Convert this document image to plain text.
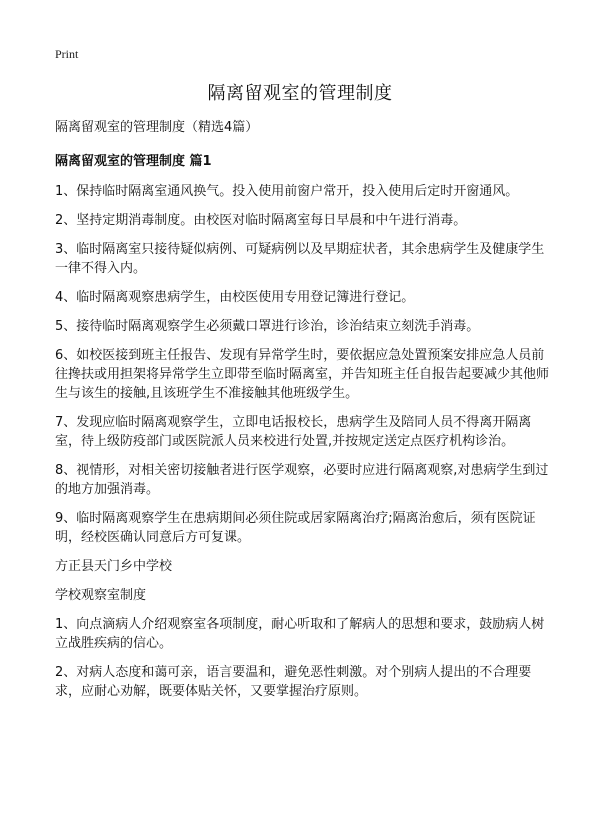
Print
隔离留观室的管理制度

隔离留观室的管理制度（精选4篇）

隔离留观室的管理制度 篇1

1、保持临时隔离室通风换气。投入使用前窗户常开，投入使用后定时开窗通风。

2、坚持定期消毒制度。由校医对临时隔离室每日早晨和中午进行消毒。

3、临时隔离室只接待疑似病例、可疑病例以及早期症状者，其余患病学生及健康学生一律不得入内。

4、临时隔离观察患病学生，由校医使用专用登记簿进行登记。

5、接待临时隔离观察学生必须戴口罩进行诊治，诊治结束立刻洗手消毒。

6、如校医接到班主任报告、发现有异常学生时，要依据应急处置预案安排应急人员前往搀扶或用担架将异常学生立即带至临时隔离室，并告知班主任自报告起要减少其他师生与该生的接触,且该班学生不准接触其他班级学生。

7、发现应临时隔离观察学生，立即电话报校长，患病学生及陪同人员不得离开隔离室，待上级防疫部门或医院派人员来校进行处置,并按规定送定点医疗机构诊治。

8、视情形，对相关密切接触者进行医学观察，必要时应进行隔离观察,对患病学生到过的地方加强消毒。

9、临时隔离观察学生在患病期间必须住院或居家隔离治疗;隔离治愈后，须有医院证明，经校医确认同意后方可复课。

方正县天门乡中学校

学校观察室制度

1、向点滴病人介绍观察室各项制度，耐心听取和了解病人的思想和要求，鼓励病人树立战胜疾病的信心。

2、对病人态度和蔼可亲，语言要温和，避免恶性刺激。对个别病人提出的不合理要求，应耐心劝解，既要体贴关怀，又要掌握治疗原则。
